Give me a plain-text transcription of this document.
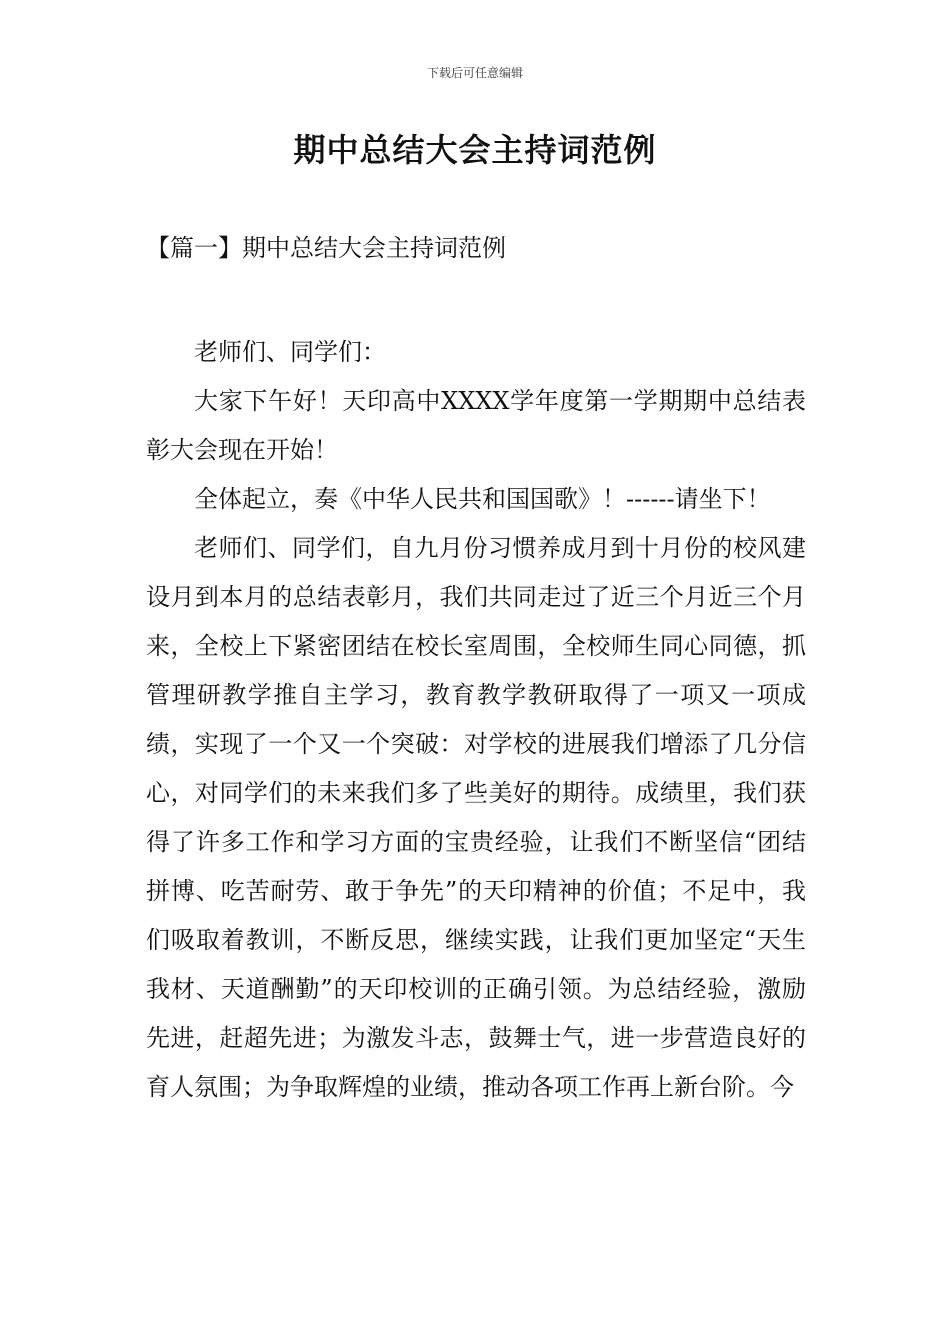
下载后可任意编辑
期中总结大会主持词范例
【篇一】期中总结大会主持词范例

老师们、同学们：

大家下午好！天印高中XXXX学年度第一学期期中总结表彰大会现在开始！

全体起立，奏《中华人民共和国国歌》！------请坐下！

老师们、同学们，自九月份习惯养成月到十月份的校风建设月到本月的总结表彰月，我们共同走过了近三个月近三个月来，全校上下紧密团结在校长室周围，全校师生同心同德，抓管理研教学推自主学习，教育教学教研取得了一项又一项成绩，实现了一个又一个突破：对学校的进展我们增添了几分信心，对同学们的未来我们多了些美好的期待。成绩里，我们获得了许多工作和学习方面的宝贵经验，让我们不断坚信“团结拼博、吃苦耐劳、敢于争先”的天印精神的价值；不足中，我们吸取着教训，不断反思，继续实践，让我们更加坚定“天生我材、天道酬勤”的天印校训的正确引领。为总结经验，激励先进，赶超先进；为激发斗志，鼓舞士气，进一步营造良好的育人氛围；为争取辉煌的业绩，推动各项工作再上新台阶。今
